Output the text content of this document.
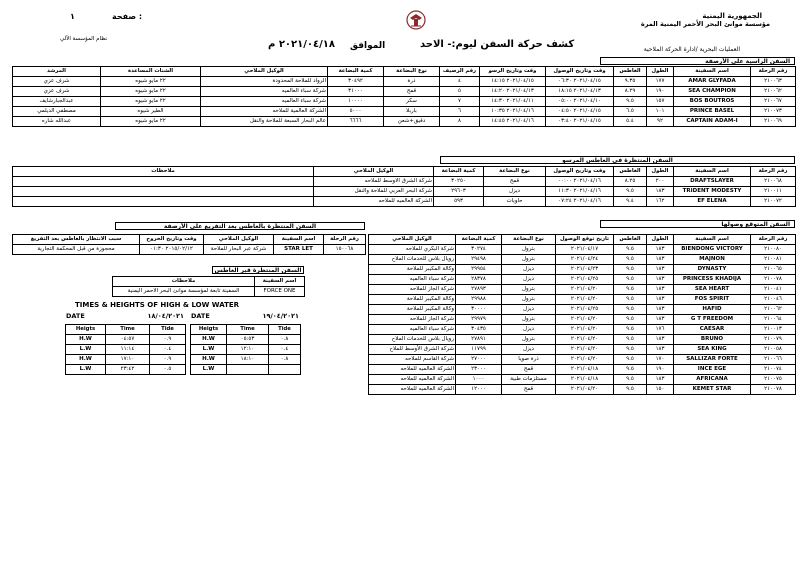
صفحة :
١	الجمهورية اليمنية
مؤسسة موانئ البحر الأحمر اليمنية المرة
نظام المؤسسة الآلي
العمليات البحرية /ادارة الحركة الملاحية
كشف حركة السفن ليوم:- الاحد
الموافق
٢٠٢١/٠٤/١٨ م
السفن الراسية على الأرصفة
رقم الرحلة	اسم السفينة	الطول	الغاطس	وقت وتاريخ الوصول	وقت وتاريخ الرسو	رقم الرصيف	نوع البضاعة	كمية البضاعة	الوكيل الملاحي	الشنات المساعدة	المرشد
٢١٠٠٦٣	AMAR GLYFADA	١٧٧	٩.٣٥	٢٠٢١/٠٤/١٥ ٠٦:٣٠	٢٠٢١/٠٤/١٥ ١٤:١٥	٤	ذرة	٣٠٤٩٢	الرواد للملاحة المحدودة	٢٢ مايو شيوه	شرف عزي
٢١٠٠٦٢	SEA CHAMPION	١٩٠	٨.٢٩	٢٠٢١/٠٤/١٣ ١٨:١٥	٢٠٢١/٠٤/١٣ ١٤:٢٠	٥	قمح	٣١٠٠٠	شركة سباء العالميه	٢٢ مايو شيوه	شرف عزي
٢١٠٠٦٧	BOS BOUTROS	١٥٧	٩.٥	٢٠٢١/٠٤/١٠ ٠٥:٠٠	٢٠٢١/٠٤/١١ ١٤:٣٠	٧	سكر	١٠٠٠٠	شركة سباء العالميه	٢٢ مايو شيوه	عبدالجبارشايف
٢١٠٠٧٣	PRINCE BASEL	١٠١	٦.٥	٢٠٢١/٠٤/١٥ ٠٤:٥٠	٢٠٢١/٠٤/١٦ ١٠:٣٥	٦	باربلا	٥٠٠٠	الشركة العالمية للملاحه	الطير شيوه	مصطفي الديلمي
٢١٠٠٦٩	CAPTAIN ADAM-I	٩٢	٥.٤	٢٠٢١/٠٤/١٥ ٠٣:٤٠	٢٠٢١/٠٤/١٦ ١٤:٤٥	٨	دقيق+شعن	٦٦٦٦	عالم البحار السبعة للملاحة والنقل	٢٢ مايو شيوه	عبدالله شاره
السفن المنتظرة في الغاطس المرسو
رقم الرحلة	اسم السفينة	الطول	الغاطس	وقت وتاريخ الوصول	نوع البضاعة	كمية البضاعة	الوكيل الملاحي	ملاحظات
٢١٠٠٦٨	DRAFTSLAYER	٢٠٠	٨.٢٥	٢٠٢١/٠٤/١٦ ٠٠:٠٠	قمح	٣٠٢٥٠	شركة الشرق الاوسط للملاحه	
٢١٠٠١١	TRIDENT MODESTY	١٨٣	٩.٥	٢٠٢١/٠٤/١٦ ١١:٣٠	ديزل	٢٩٦٠٣	شركة البحر العربي للملاحة والنقل	
٢١٠٠٧٢	EF ELENA	١٦٢	٩.٤	٢٠٢١/٠٤/١٦ ٠٧:٢٤	حاويات	٥٩٣	الشركة العالميه للملاحه	
السفن المتوقع وصولها
رقم الرحلة	اسم السفينة	الطول	الغاطس	تاريخ توقع الوصول	نوع البضاعة	كمية البضاعة	الوكيل الملاحي
٢١٠٠٨٠	BIENDONG VICTORY	١٨٣	٩.٥	٢٠٢١/٠٤/١٧	بترول	٣٠٢٧٤	شركة البكري للملاحه
٢١٠٠٨١	MAJNON	١٨٣	٩.٥	٢٠٢١/٠٤/٢٤	بترول	٢٩٤٩٨	رويال بلاس للخدمات الملاح
٢١٠٠٦٥	DYNASTY	١٨٣	٩.٥	٢٠٢١/٠٤/٢٣	ديزل	٢٩٩٥٤	وكالة المكيبر للملاحة
٢١٠٠٧٨	PRINCESS KHADIJA	١٨٣	٩.٥	٢٠٢١/٠٤/٢٥	ديزل	٢٨٣٧٨	شركة سباء العالميه
٢١٠٠٤١	SEA HEART	١٨٣	٩.٥	٢٠٢١/٠٤/٢٠	بترول	٢٧٨٩٣	شركة الجاز للملاحه
٢١٠٠٤٦	FOS SPIRIT	١٨٣	٩.٥	٢٠٢١/٠٤/٢٠	بترول	٢٩٩٨٨	وكالة المكيبر للملاحة
٢١٠٠٦٢	HAFID	١٨٣	٩.٥	٢٠٢١/٠٤/٢٥	ديزل	٣٠٠٠٠	وكالة المكيبر للملاحة
٢١٠٠٦٤	G T FREEDOM	١٨٣	٩.٥	٢٠٢١/٠٤/٢٠	بترول	٢٩٩٧٩	شركة الجاز للملاحه
٢١٠٠١٣	CAESAR	١٧٦	٩.٥	٢٠٢١/٠٤/٢٠	ديزل	٣٠٤٣٥	شركة سباء العالميه
٢١٠٠٧٩	BRUNO	١٨٣	٩.٥	٢٠٢١/٠٤/٢٠	بترول	٢٧٨٩١	رويال بلاس للخدمات الملاح
٢١٠٠٥٨	SEA KING	١٨٣	٩.٥	٢٠٢١/٠٤/٢٠	ديزل	١١٧٩٩	شركة الشرق الأوسط للملاح
٢١٠٠٦٦	SALLIZAR FORTE	١٧٠	٩.٥	٢٠٢١/٠٤/٢٠	ذرة صويا	٢٧٠٠٠	شركة القاسم للملاحه
٢١٠٠٧٤	INCE EGE	١٩٠	٩.٥	٢٠٢١/٠٤/١٨	قمح	٢٣٠٠٠	الشركة العالميه للملاحه
٢١٠٠٧٥	AFRICANA	١٨٣	٩.٥	٢٠٢١/٠٤/١٨	مستلزمات طبية	١٠٠٠	الشركة العالميه للملاحه
٢١٠٠٧٨	KEMET STAR	١٥٠	٩.٥	٢٠٢١/٠٤/٢٠	قمح	١٢٠٠٠	الشركة العالميه للملاحه
السفن المنتظرة بالغاطس بعد التفريغ على الأرصفة
رقم الرحلة	اسم السفينة	الوكيل الملاحي	وقت وتاريخ الخروج	سبب الانتظار بالغاطس بعد التفريغ
١٥٠٠٦٨	STAR LET	شركة عبر البحار للملاحة	٢٠١٥/٠٢/١٢ ٠١:٣٠	محجوزة من قبل المحكمة التجارية
السفن المنتظرة قبر الغاطس
اسم السفينة	ملاحظات
FORCE ONE	السفينة تابعة لمؤسسة موانئ البحر الاحمر اليمنية
TIMES & HEIGHTS OF HIGH & LOW WATER
DATE	١٨/٠٤/٢٠٢١
Heigts	Time	Tide
H.W	٠٤:٥٧	٠.٩
L.W	١١:١٤	٠.٤
H.W	١٧:١٠	٠.٩
L.W	٢٣:٤٢	٠.٥
DATE	١٩/٠٤/٢٠٢١
Heigts	Time	Tide
H.W	٠٥:٥٣	٠.٨
L.W	١٢:١٠	٠.٤
H.W	١٨:١٠	٠.٨
L.W		
